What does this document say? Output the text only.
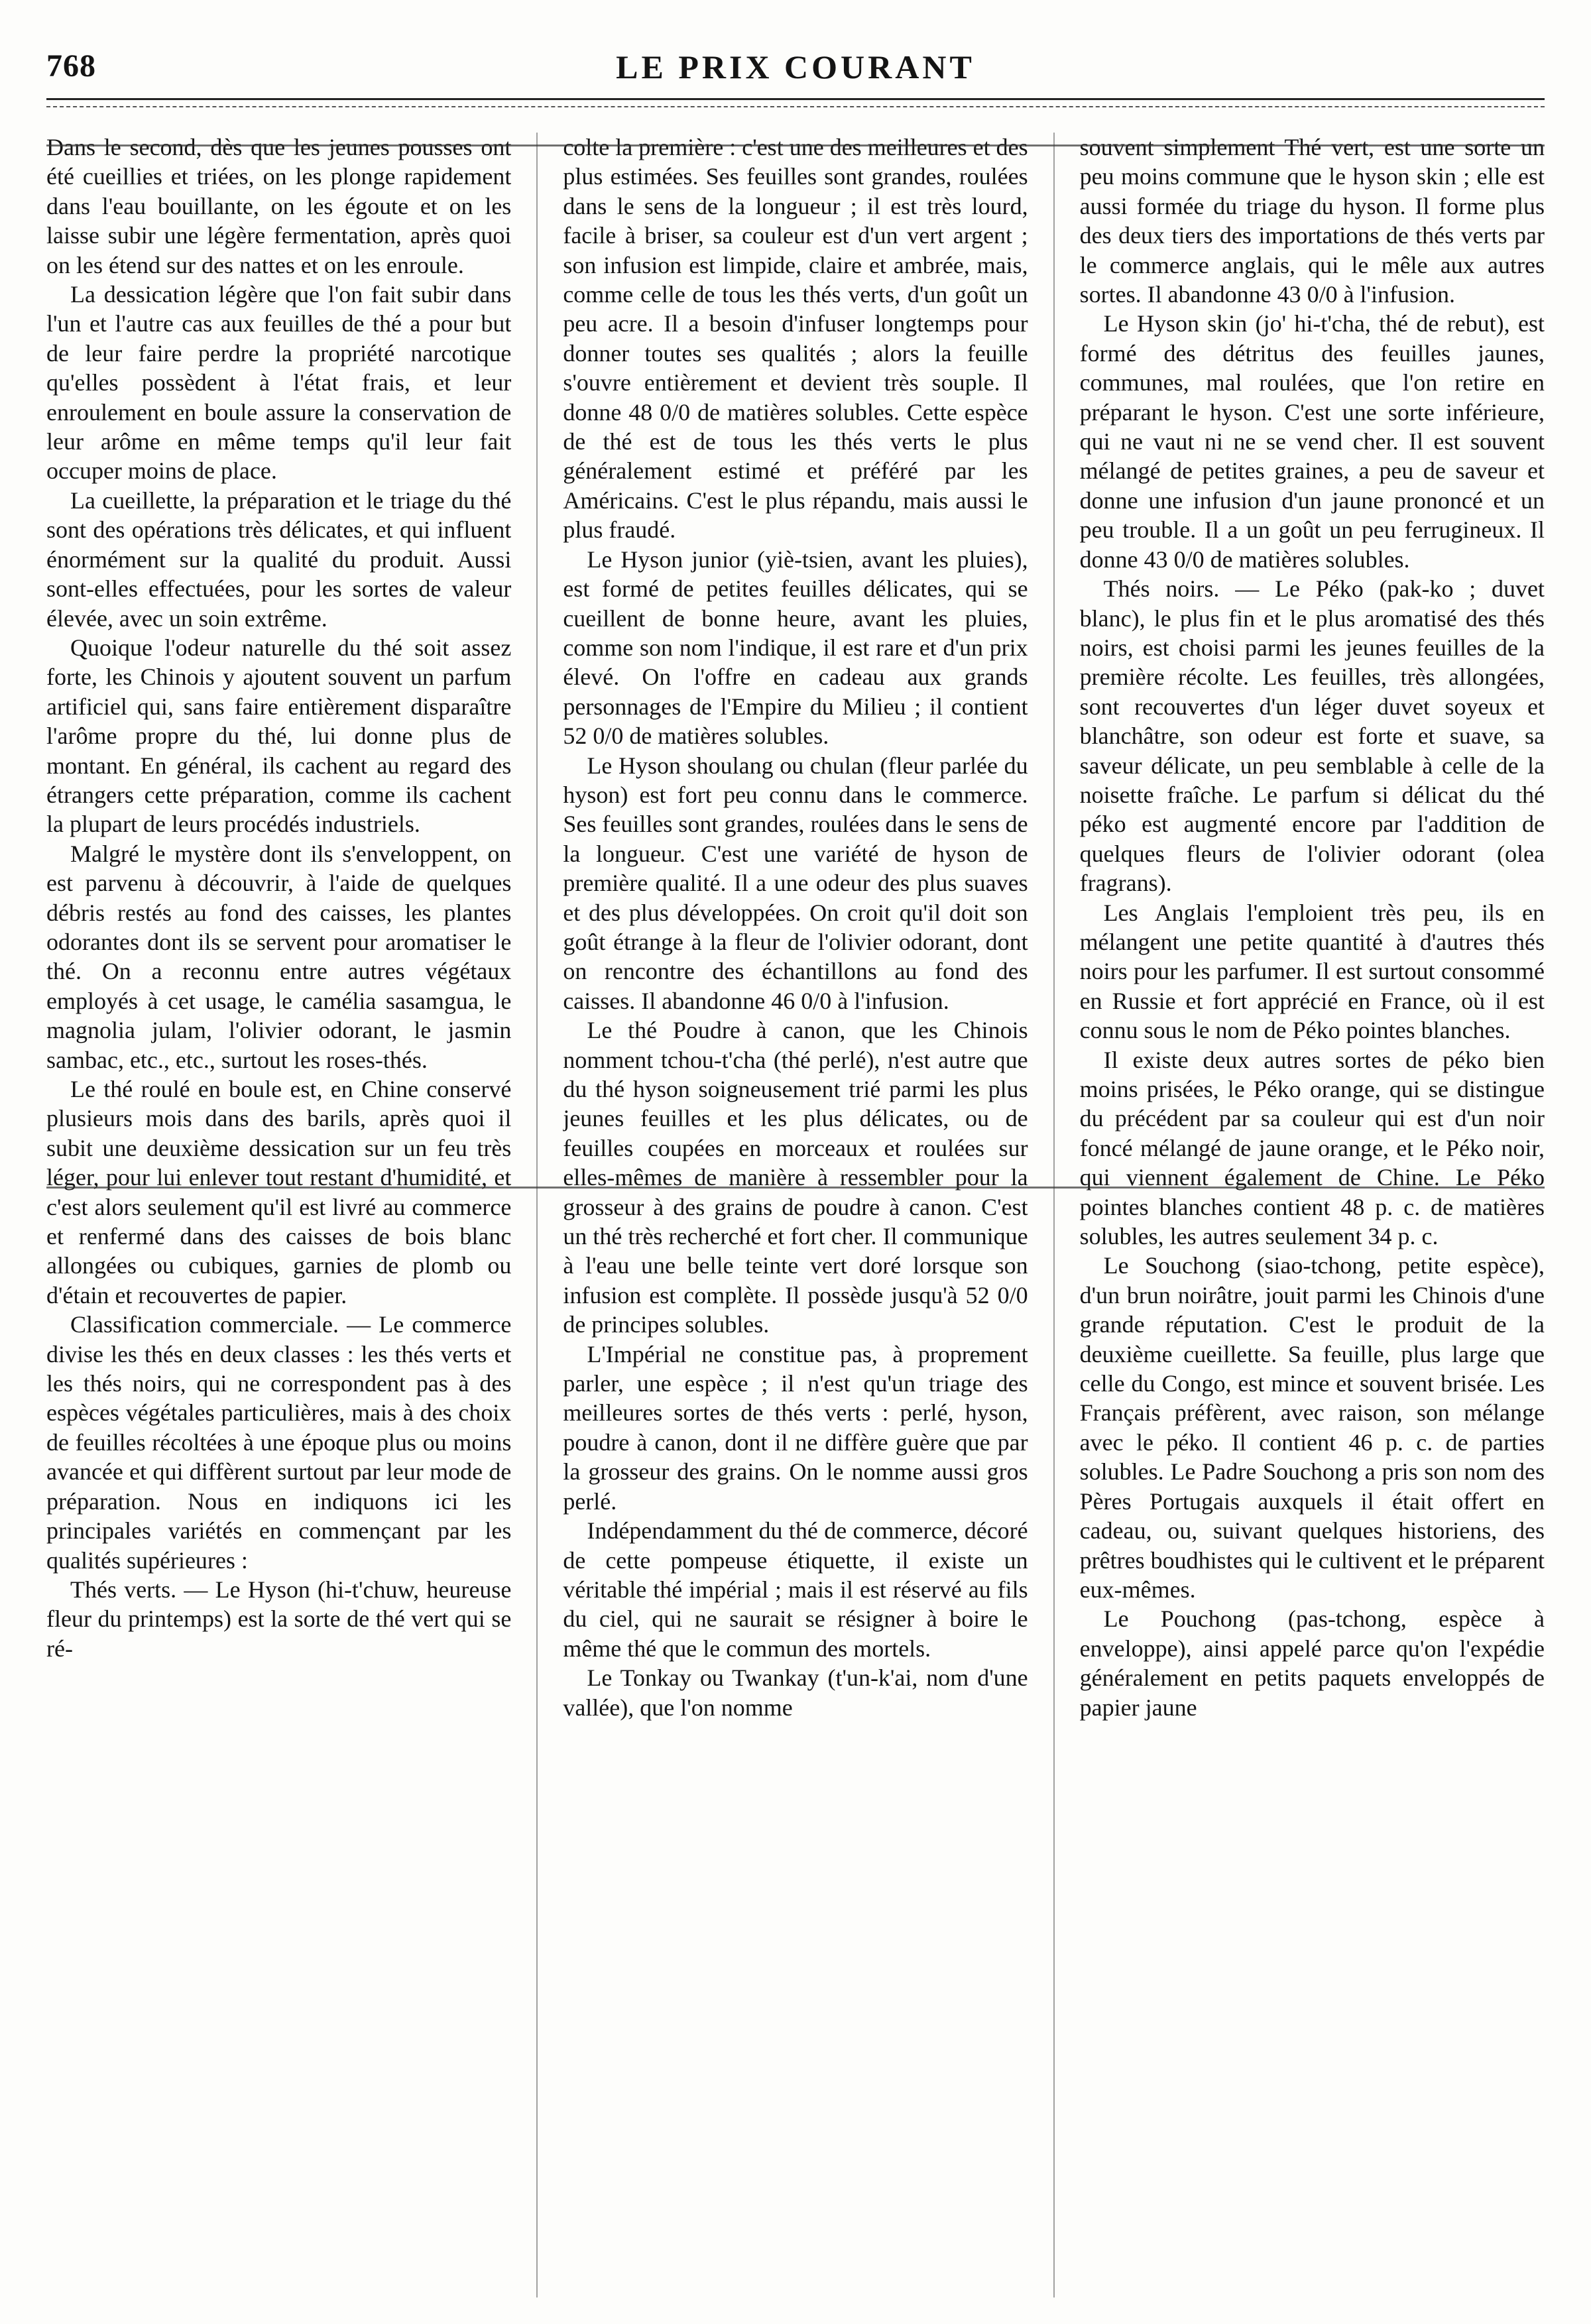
768	LE PRIX COURANT

Dans le second, dès que les jeunes pousses ont été cueillies et triées, on les plonge rapidement dans l'eau bouillante, on les égoute et on les laisse subir une légère fermentation, après quoi on les étend sur des nattes et on les enroule.

La dessication légère que l'on fait subir dans l'un et l'autre cas aux feuilles de thé a pour but de leur faire perdre la propriété narcotique qu'elles possèdent à l'état frais, et leur enroulement en boule assure la conservation de leur arôme en même temps qu'il leur fait occuper moins de place.

La cueillette, la préparation et le triage du thé sont des opérations très délicates, et qui influent énormément sur la qualité du produit. Aussi sont-elles effectuées, pour les sortes de valeur élevée, avec un soin extrême.

Quoique l'odeur naturelle du thé soit assez forte, les Chinois y ajoutent souvent un parfum artificiel qui, sans faire entièrement disparaître l'arôme propre du thé, lui donne plus de montant. En général, ils cachent au regard des étrangers cette préparation, comme ils cachent la plupart de leurs procédés industriels.

Malgré le mystère dont ils s'enveloppent, on est parvenu à découvrir, à l'aide de quelques débris restés au fond des caisses, les plantes odorantes dont ils se servent pour aromatiser le thé. On a reconnu entre autres végétaux employés à cet usage, le camélia sasamgua, le magnolia julam, l'olivier odorant, le jasmin sambac, etc., etc., surtout les roses-thés.

Le thé roulé en boule est, en Chine conservé plusieurs mois dans des barils, après quoi il subit une deuxième dessication sur un feu très léger, pour lui enlever tout restant d'humidité, et c'est alors seulement qu'il est livré au commerce et renfermé dans des caisses de bois blanc allongées ou cubiques, garnies de plomb ou d'étain et recouvertes de papier.

Classification commerciale. — Le commerce divise les thés en deux classes : les thés verts et les thés noirs, qui ne correspondent pas à des espèces végétales particulières, mais à des choix de feuilles récoltées à une époque plus ou moins avancée et qui diffèrent surtout par leur mode de préparation. Nous en indiquons ici les principales variétés en commençant par les qualités supérieures :

Thés verts. — Le Hyson (hi-t'chuw, heureuse fleur du printemps) est la sorte de thé vert qui se ré-

colte la première : c'est une des meilleures et des plus estimées. Ses feuilles sont grandes, roulées dans le sens de la longueur ; il est très lourd, facile à briser, sa couleur est d'un vert argent ; son infusion est limpide, claire et ambrée, mais, comme celle de tous les thés verts, d'un goût un peu acre. Il a besoin d'infuser longtemps pour donner toutes ses qualités ; alors la feuille s'ouvre entièrement et devient très souple. Il donne 48 0/0 de matières solubles. Cette espèce de thé est de tous les thés verts le plus généralement estimé et préféré par les Américains. C'est le plus répandu, mais aussi le plus fraudé.

Le Hyson junior (yiè-tsien, avant les pluies), est formé de petites feuilles délicates, qui se cueillent de bonne heure, avant les pluies, comme son nom l'indique, il est rare et d'un prix élevé. On l'offre en cadeau aux grands personnages de l'Empire du Milieu ; il contient 52 0/0 de matières solubles.

Le Hyson shoulang ou chulan (fleur parlée du hyson) est fort peu connu dans le commerce. Ses feuilles sont grandes, roulées dans le sens de la longueur. C'est une variété de hyson de première qualité. Il a une odeur des plus suaves et des plus développées. On croit qu'il doit son goût étrange à la fleur de l'olivier odorant, dont on rencontre des échantillons au fond des caisses. Il abandonne 46 0/0 à l'infusion.

Le thé Poudre à canon, que les Chinois nomment tchou-t'cha (thé perlé), n'est autre que du thé hyson soigneusement trié parmi les plus jeunes feuilles et les plus délicates, ou de feuilles coupées en morceaux et roulées sur elles-mêmes de manière à ressembler pour la grosseur à des grains de poudre à canon. C'est un thé très recherché et fort cher. Il communique à l'eau une belle teinte vert doré lorsque son infusion est complète. Il possède jusqu'à 52 0/0 de principes solubles.

L'Impérial ne constitue pas, à proprement parler, une espèce ; il n'est qu'un triage des meilleures sortes de thés verts : perlé, hyson, poudre à canon, dont il ne diffère guère que par la grosseur des grains. On le nomme aussi gros perlé.

Indépendamment du thé de commerce, décoré de cette pompeuse étiquette, il existe un véritable thé impérial ; mais il est réservé au fils du ciel, qui ne saurait se résigner à boire le même thé que le commun des mortels.

Le Tonkay ou Twankay (t'un-k'ai, nom d'une vallée), que l'on nomme

souvent simplement Thé vert, est une sorte un peu moins commune que le hyson skin ; elle est aussi formée du triage du hyson. Il forme plus des deux tiers des importations de thés verts par le commerce anglais, qui le mêle aux autres sortes. Il abandonne 43 0/0 à l'infusion.

Le Hyson skin (jo' hi-t'cha, thé de rebut), est formé des détritus des feuilles jaunes, communes, mal roulées, que l'on retire en préparant le hyson. C'est une sorte inférieure, qui ne vaut ni ne se vend cher. Il est souvent mélangé de petites graines, a peu de saveur et donne une infusion d'un jaune prononcé et un peu trouble. Il a un goût un peu ferrugineux. Il donne 43 0/0 de matières solubles.

Thés noirs. — Le Péko (pak-ko ; duvet blanc), le plus fin et le plus aromatisé des thés noirs, est choisi parmi les jeunes feuilles de la première récolte. Les feuilles, très allongées, sont recouvertes d'un léger duvet soyeux et blanchâtre, son odeur est forte et suave, sa saveur délicate, un peu semblable à celle de la noisette fraîche. Le parfum si délicat du thé péko est augmenté encore par l'addition de quelques fleurs de l'olivier odorant (olea fragrans).

Les Anglais l'emploient très peu, ils en mélangent une petite quantité à d'autres thés noirs pour les parfumer. Il est surtout consommé en Russie et fort apprécié en France, où il est connu sous le nom de Péko pointes blanches.

Il existe deux autres sortes de péko bien moins prisées, le Péko orange, qui se distingue du précédent par sa couleur qui est d'un noir foncé mélangé de jaune orange, et le Péko noir, qui viennent également de Chine. Le Péko pointes blanches contient 48 p. c. de matières solubles, les autres seulement 34 p. c.

Le Souchong (siao-tchong, petite espèce), d'un brun noirâtre, jouit parmi les Chinois d'une grande réputation. C'est le produit de la deuxième cueillette. Sa feuille, plus large que celle du Congo, est mince et souvent brisée. Les Français préfèrent, avec raison, son mélange avec le péko. Il contient 46 p. c. de parties solubles. Le Padre Souchong a pris son nom des Pères Portugais auxquels il était offert en cadeau, ou, suivant quelques historiens, des prêtres boudhistes qui le cultivent et le préparent eux-mêmes.

Le Pouchong (pas-tchong, espèce à enveloppe), ainsi appelé parce qu'on l'expédie généralement en petits paquets enveloppés de papier jaune
